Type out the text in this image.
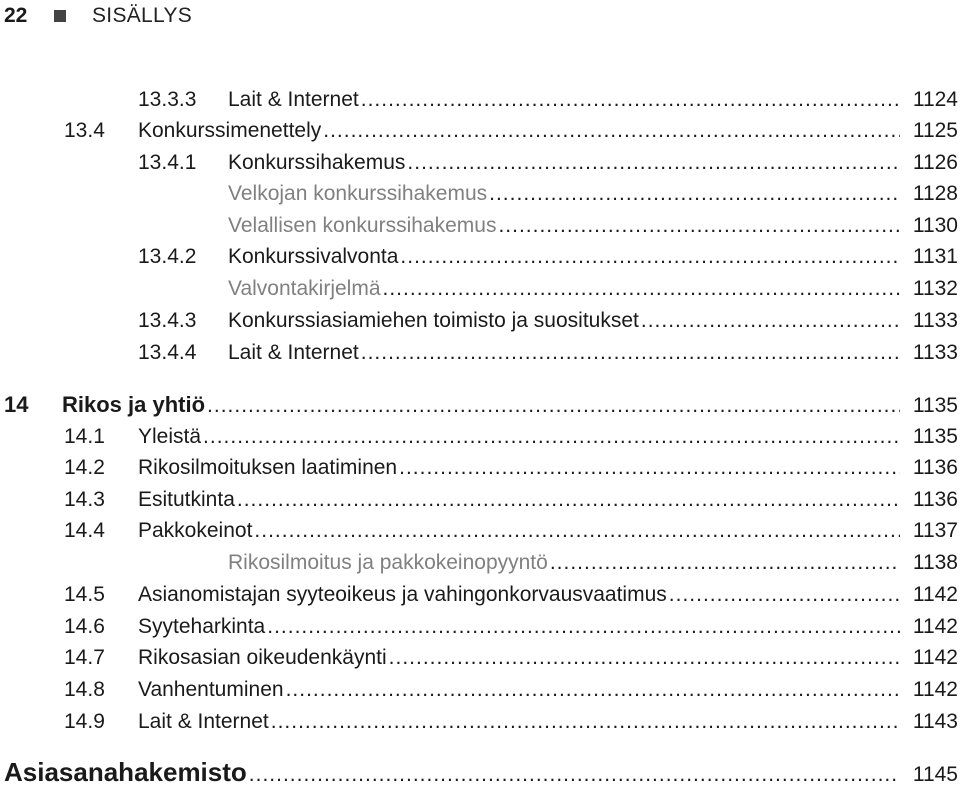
22	SISÄLLYS
13.3.3 Lait & Internet .....	1124
13.4 Konkurssimenettely .....	1125
13.4.1 Konkurssihakemus .....	1126
Velkojan konkurssihakemus .....	1128
Velallisen konkurssihakemus .....	1130
13.4.2 Konkurssivalvonta .....	1131
Valvontakirjelmä .....	1132
13.4.3 Konkurssiasiamiehen toimisto ja suositukset .....	1133
13.4.4 Lait & Internet .....	1133
14 Rikos ja yhtiö .....	1135
14.1 Yleistä .....	1135
14.2 Rikosilmoituksen laatiminen .....	1136
14.3 Esitutkinta .....	1136
14.4 Pakkokeinot .....	1137
Rikosilmoitus ja pakkokeinopyyntö .....	1138
14.5 Asianomistajan syyteoikeus ja vahingonkorvausvaatimus .....	1142
14.6 Syyteharkinta .....	1142
14.7 Rikosasian oikeudenkäynti .....	1142
14.8 Vanhentuminen .....	1142
14.9 Lait & Internet .....	1143
Asiasanahakemisto .....	1145
